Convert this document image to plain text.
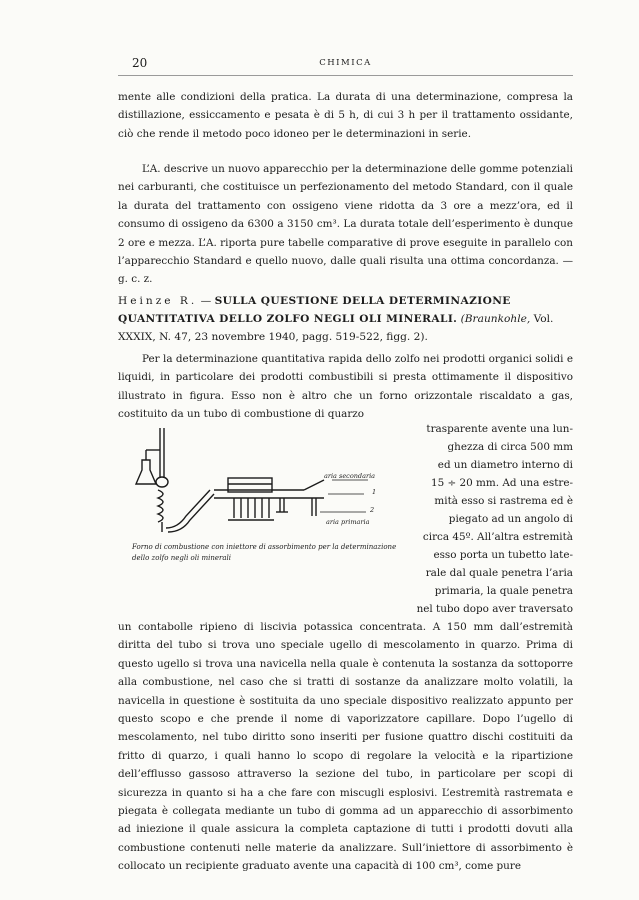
20	CHIMICA

mente alle condizioni della pratica. La durata di una determinazione, compresa la distillazione, essiccamento e pesata è di 5 h, di cui 3 h per il trattamento ossidante, ciò che rende il metodo poco idoneo per le determinazioni in serie.

L’A. descrive un nuovo apparecchio per la determinazione delle gomme potenziali nei carburanti, che costituisce un perfezionamento del metodo Standard, con il quale la durata del trattamento con ossigeno viene ridotta da 3 ore a mezz’ora, ed il consumo di ossigeno da 6300 a 3150 cm³. La durata totale dell’esperimento è dunque 2 ore e mezza. L’A. riporta pure tabelle comparative di prove eseguite in parallelo con l’apparecchio Standard e quello nuovo, dalle quali risulta una ottima concordanza. — g. c. z.

Heinze R. — SULLA QUESTIONE DELLA DETERMINAZIONE QUANTITATIVA DELLO ZOLFO NEGLI OLI MINERALI. (Braunkohle, Vol. XXXIX, N. 47, 23 novembre 1940, pagg. 519-522, figg. 2).

Per la determinazione quantitativa rapida dello zolfo nei prodotti organici solidi e liquidi, in particolare dei prodotti combustibili si presta ottimamente il dispositivo illustrato in figura. Esso non è altro che un forno orizzontale riscaldato a gas, costituito da un tubo di combustione di quarzo

trasparente avente una lun-

ghezza di circa 500 mm

ed un diametro interno di

15 ÷ 20 mm. Ad una estre-

mità esso si rastrema ed è

piegato ad un angolo di

circa 45º. All’altra estremità

esso porta un tubetto late-

rale dal quale penetra l’aria

primaria, la quale penetra

nel tubo dopo aver traversato

aria secondaria
1
2
aria primaria
Forno di combustione con iniettore di assorbimento per la determinazione dello zolfo negli oli minerali

un contabolle ripieno di liscivia potassica concentrata. A 150 mm dall’estremità diritta del tubo si trova uno speciale ugello di mescolamento in quarzo. Prima di questo ugello si trova una navicella nella quale è contenuta la sostanza da sottoporre alla combustione, nel caso che si tratti di sostanze da analizzare molto volatili, la navicella in questione è sostituita da uno speciale dispositivo realizzato appunto per questo scopo e che prende il nome di vaporizzatore capillare. Dopo l’ugello di mescolamento, nel tubo diritto sono inseriti per fusione quattro dischi costituiti da fritto di quarzo, i quali hanno lo scopo di regolare la velocità e la ripartizione dell’efflusso gassoso attraverso la sezione del tubo, in particolare per scopi di sicurezza in quanto si ha a che fare con miscugli esplosivi. L’estremità rastremata e piegata è collegata mediante un tubo di gomma ad un apparecchio di assorbimento ad iniezione il quale assicura la completa captazione di tutti i prodotti dovuti alla combustione contenuti nelle materie da analizzare. Sull’iniettore di assorbimento è collocato un recipiente graduato avente una capacità di 100 cm³, come pure
